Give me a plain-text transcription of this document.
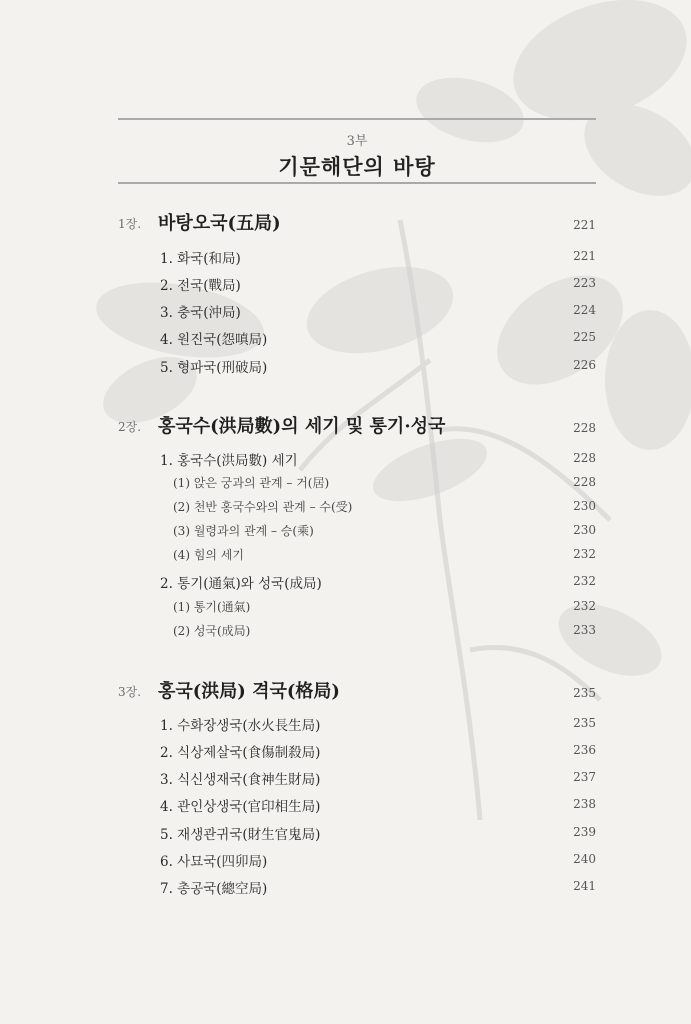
3부
기문해단의 바탕
1장. 바탕오국(五局)	221
1. 화국(和局)	221
2. 전국(戰局)	223
3. 충국(沖局)	224
4. 원진국(怨嗔局)	225
5. 형파국(刑破局)	226
2장. 홍국수(洪局數)의 세기 및 통기·성국	228
1. 홍국수(洪局數) 세기	228
(1) 앉은 궁과의 관계 – 거(居)	228
(2) 천반 홍국수와의 관계 – 수(受)	230
(3) 월령과의 관계 – 승(乘)	230
(4) 힘의 세기	232
2. 통기(通氣)와 성국(成局)	232
(1) 통기(通氣)	232
(2) 성국(成局)	233
3장. 홍국(洪局) 격국(格局)	235
1. 수화장생국(水火長生局)	235
2. 식상제살국(食傷制殺局)	236
3. 식신생재국(食神生財局)	237
4. 관인상생국(官印相生局)	238
5. 재생관귀국(財生官鬼局)	239
6. 사묘국(四卯局)	240
7. 총공국(總空局)	241
